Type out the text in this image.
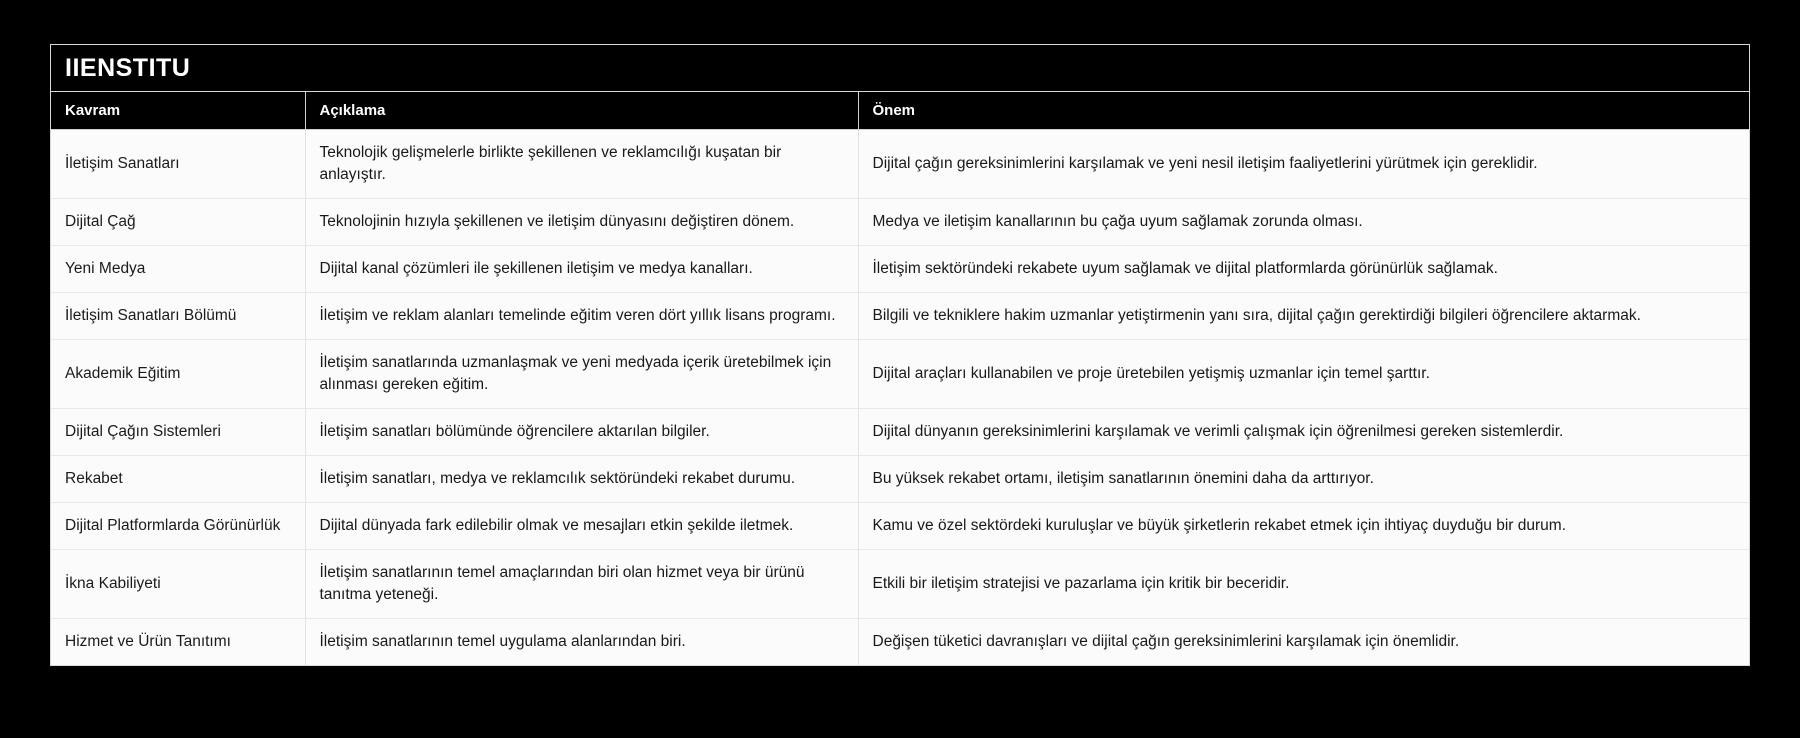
IIENSTITU
Kavram	Açıklama	Önem
İletişim Sanatları	Teknolojik gelişmelerle birlikte şekillenen ve reklamcılığı kuşatan bir anlayıştır.	Dijital çağın gereksinimlerini karşılamak ve yeni nesil iletişim faaliyetlerini yürütmek için gereklidir.
Dijital Çağ	Teknolojinin hızıyla şekillenen ve iletişim dünyasını değiştiren dönem.	Medya ve iletişim kanallarının bu çağa uyum sağlamak zorunda olması.
Yeni Medya	Dijital kanal çözümleri ile şekillenen iletişim ve medya kanalları.	İletişim sektöründeki rekabete uyum sağlamak ve dijital platformlarda görünürlük sağlamak.
İletişim Sanatları Bölümü	İletişim ve reklam alanları temelinde eğitim veren dört yıllık lisans programı.	Bilgili ve tekniklere hakim uzmanlar yetiştirmenin yanı sıra, dijital çağın gerektirdiği bilgileri öğrencilere aktarmak.
Akademik Eğitim	İletişim sanatlarında uzmanlaşmak ve yeni medyada içerik üretebilmek için alınması gereken eğitim.	Dijital araçları kullanabilen ve proje üretebilen yetişmiş uzmanlar için temel şarttır.
Dijital Çağın Sistemleri	İletişim sanatları bölümünde öğrencilere aktarılan bilgiler.	Dijital dünyanın gereksinimlerini karşılamak ve verimli çalışmak için öğrenilmesi gereken sistemlerdir.
Rekabet	İletişim sanatları, medya ve reklamcılık sektöründeki rekabet durumu.	Bu yüksek rekabet ortamı, iletişim sanatlarının önemini daha da arttırıyor.
Dijital Platformlarda Görünürlük	Dijital dünyada fark edilebilir olmak ve mesajları etkin şekilde iletmek.	Kamu ve özel sektördeki kuruluşlar ve büyük şirketlerin rekabet etmek için ihtiyaç duyduğu bir durum.
İkna Kabiliyeti	İletişim sanatlarının temel amaçlarından biri olan hizmet veya bir ürünü tanıtma yeteneği.	Etkili bir iletişim stratejisi ve pazarlama için kritik bir beceridir.
Hizmet ve Ürün Tanıtımı	İletişim sanatlarının temel uygulama alanlarından biri.	Değişen tüketici davranışları ve dijital çağın gereksinimlerini karşılamak için önemlidir.
